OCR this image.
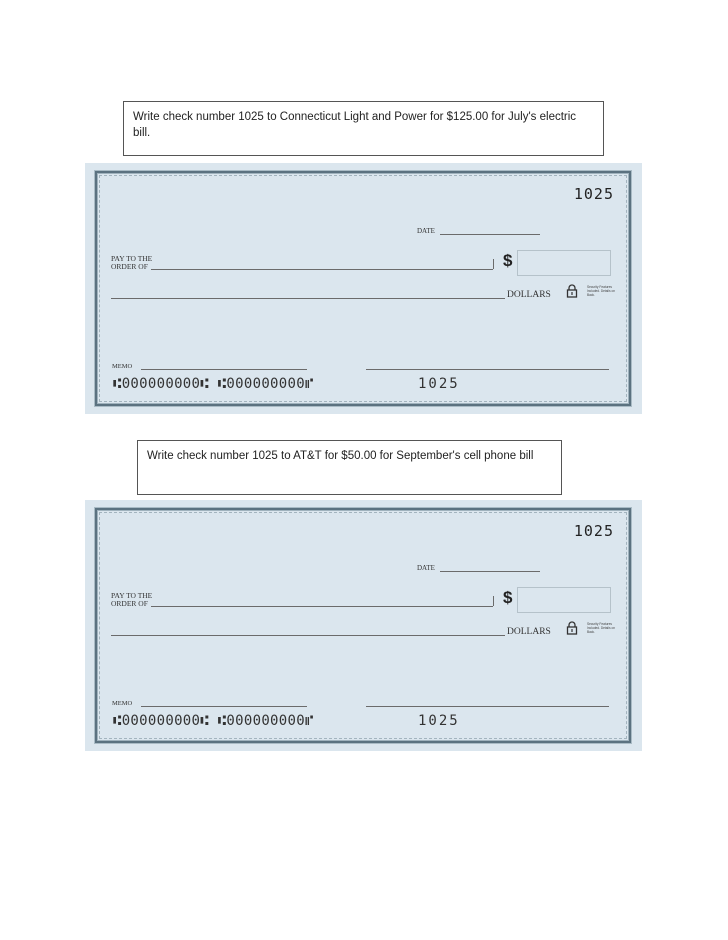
Write check number 1025 to Connecticut Light and Power for $125.00 for July's electric bill.
1025
DATE
PAY TO THE
ORDER OF	$
DOLLARS
Security Features Included. Details on Back.
MEMO
⑆000000000⑆ ⑆000000000⑈	1025
Write check number 1025 to AT&T for $50.00 for September's cell phone bill
1025
DATE
PAY TO THE
ORDER OF	$
DOLLARS
Security Features Included. Details on Back.
MEMO
⑆000000000⑆ ⑆000000000⑈	1025
